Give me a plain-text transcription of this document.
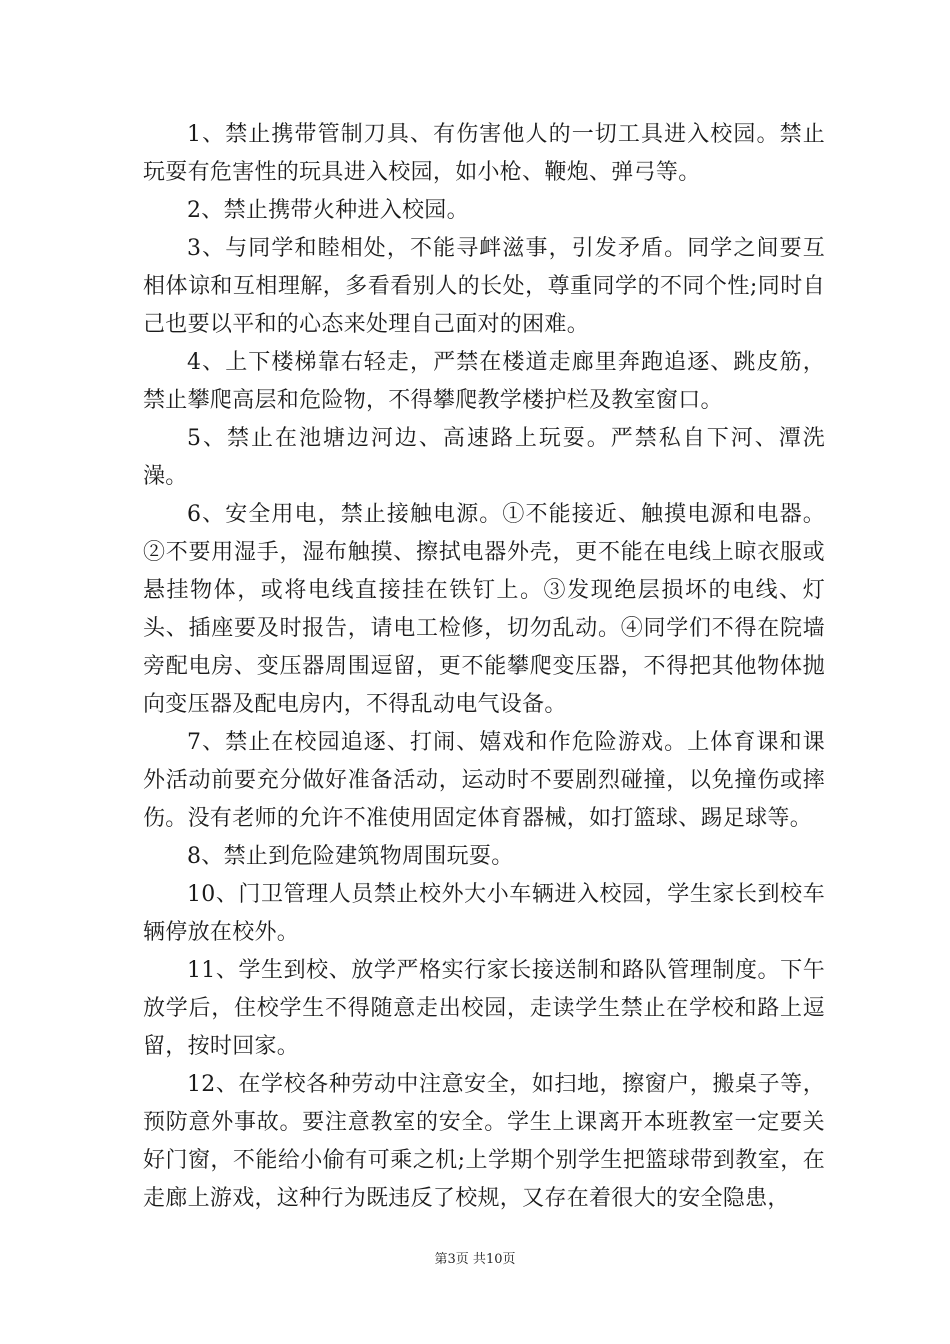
1、禁止携带管制刀具、有伤害他人的一切工具进入校园。禁止玩耍有危害性的玩具进入校园，如小枪、鞭炮、弹弓等。

2、禁止携带火种进入校园。

3、与同学和睦相处，不能寻衅滋事，引发矛盾。同学之间要互相体谅和互相理解，多看看别人的长处，尊重同学的不同个性;同时自己也要以平和的心态来处理自己面对的困难。

4、上下楼梯靠右轻走，严禁在楼道走廊里奔跑追逐、跳皮筋，禁止攀爬高层和危险物，不得攀爬教学楼护栏及教室窗口。

5、禁止在池塘边河边、高速路上玩耍。严禁私自下河、潭洗澡。

6、安全用电，禁止接触电源。①不能接近、触摸电源和电器。②不要用湿手，湿布触摸、擦拭电器外壳，更不能在电线上晾衣服或悬挂物体，或将电线直接挂在铁钉上。③发现绝层损坏的电线、灯头、插座要及时报告，请电工检修，切勿乱动。④同学们不得在院墙旁配电房、变压器周围逗留，更不能攀爬变压器，不得把其他物体抛向变压器及配电房内，不得乱动电气设备。

7、禁止在校园追逐、打闹、嬉戏和作危险游戏。上体育课和课外活动前要充分做好准备活动，运动时不要剧烈碰撞，以免撞伤或摔伤。没有老师的允许不准使用固定体育器械，如打篮球、踢足球等。

8、禁止到危险建筑物周围玩耍。

10、门卫管理人员禁止校外大小车辆进入校园，学生家长到校车辆停放在校外。

11、学生到校、放学严格实行家长接送制和路队管理制度。下午放学后，住校学生不得随意走出校园，走读学生禁止在学校和路上逗留，按时回家。

12、在学校各种劳动中注意安全，如扫地，擦窗户，搬桌子等，预防意外事故。要注意教室的安全。学生上课离开本班教室一定要关好门窗，不能给小偷有可乘之机;上学期个别学生把篮球带到教室，在走廊上游戏，这种行为既违反了校规，又存在着很大的安全隐患，

第3页 共10页
